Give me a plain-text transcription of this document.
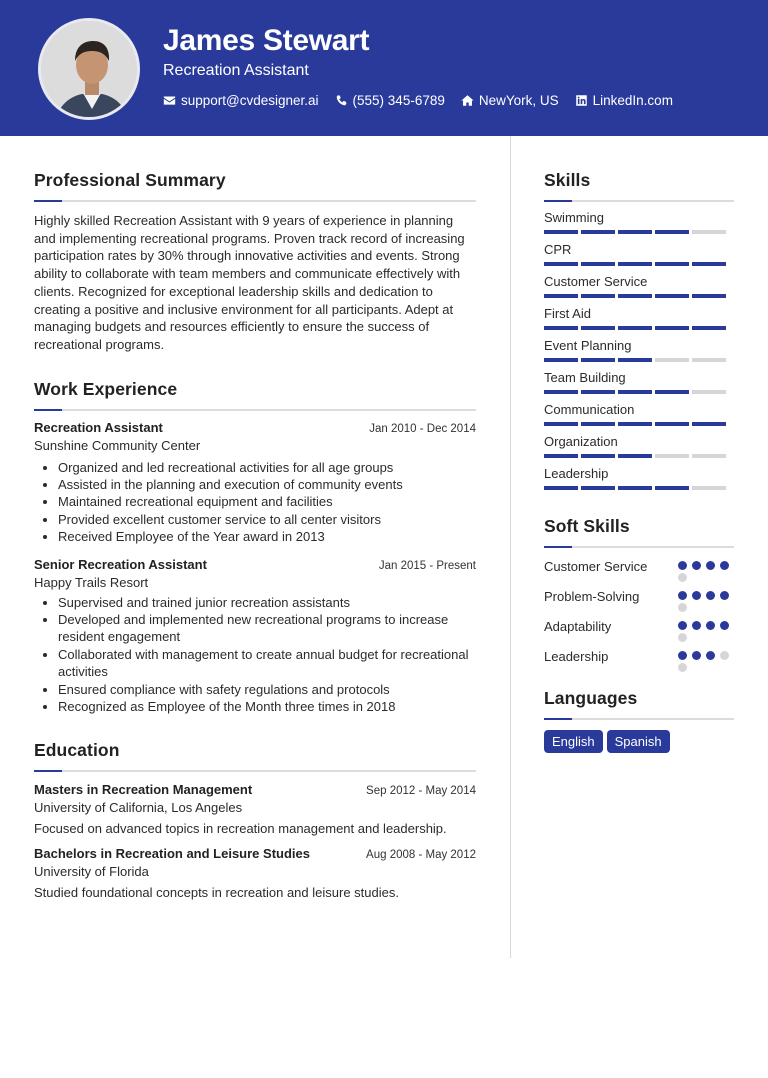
James Stewart
Recreation Assistant
support@cvdesigner.ai	(555) 345-6789	NewYork, US	LinkedIn.com
Professional Summary

Highly skilled Recreation Assistant with 9 years of experience in planning and implementing recreational programs. Proven track record of increasing participation rates by 30% through innovative activities and events. Strong ability to collaborate with team members and communicate effectively with clients. Recognized for exceptional leadership skills and dedication to creating a positive and inclusive environment for all participants. Adept at managing budgets and resources efficiently to ensure the success of recreational programs.

Work Experience
Recreation Assistant	Jan 2010 - Dec 2014
Sunshine Community Center
• Organized and led recreational activities for all age groups
• Assisted in the planning and execution of community events
• Maintained recreational equipment and facilities
• Provided excellent customer service to all center visitors
• Received Employee of the Year award in 2013
Senior Recreation Assistant	Jan 2015 - Present
Happy Trails Resort
• Supervised and trained junior recreation assistants
• Developed and implemented new recreational programs to increase resident engagement
• Collaborated with management to create annual budget for recreational activities
• Ensured compliance with safety regulations and protocols
• Recognized as Employee of the Month three times in 2018
Education
Masters in Recreation Management	Sep 2012 - May 2014
University of California, Los Angeles
Focused on advanced topics in recreation management and leadership.
Bachelors in Recreation and Leisure Studies	Aug 2008 - May 2012
University of Florida
Studied foundational concepts in recreation and leisure studies.
Skills
Swimming
CPR
Customer Service
First Aid
Event Planning
Team Building
Communication
Organization
Leadership
Soft Skills
Customer Service
Problem-Solving
Adaptability
Leadership
Languages
English	Spanish
